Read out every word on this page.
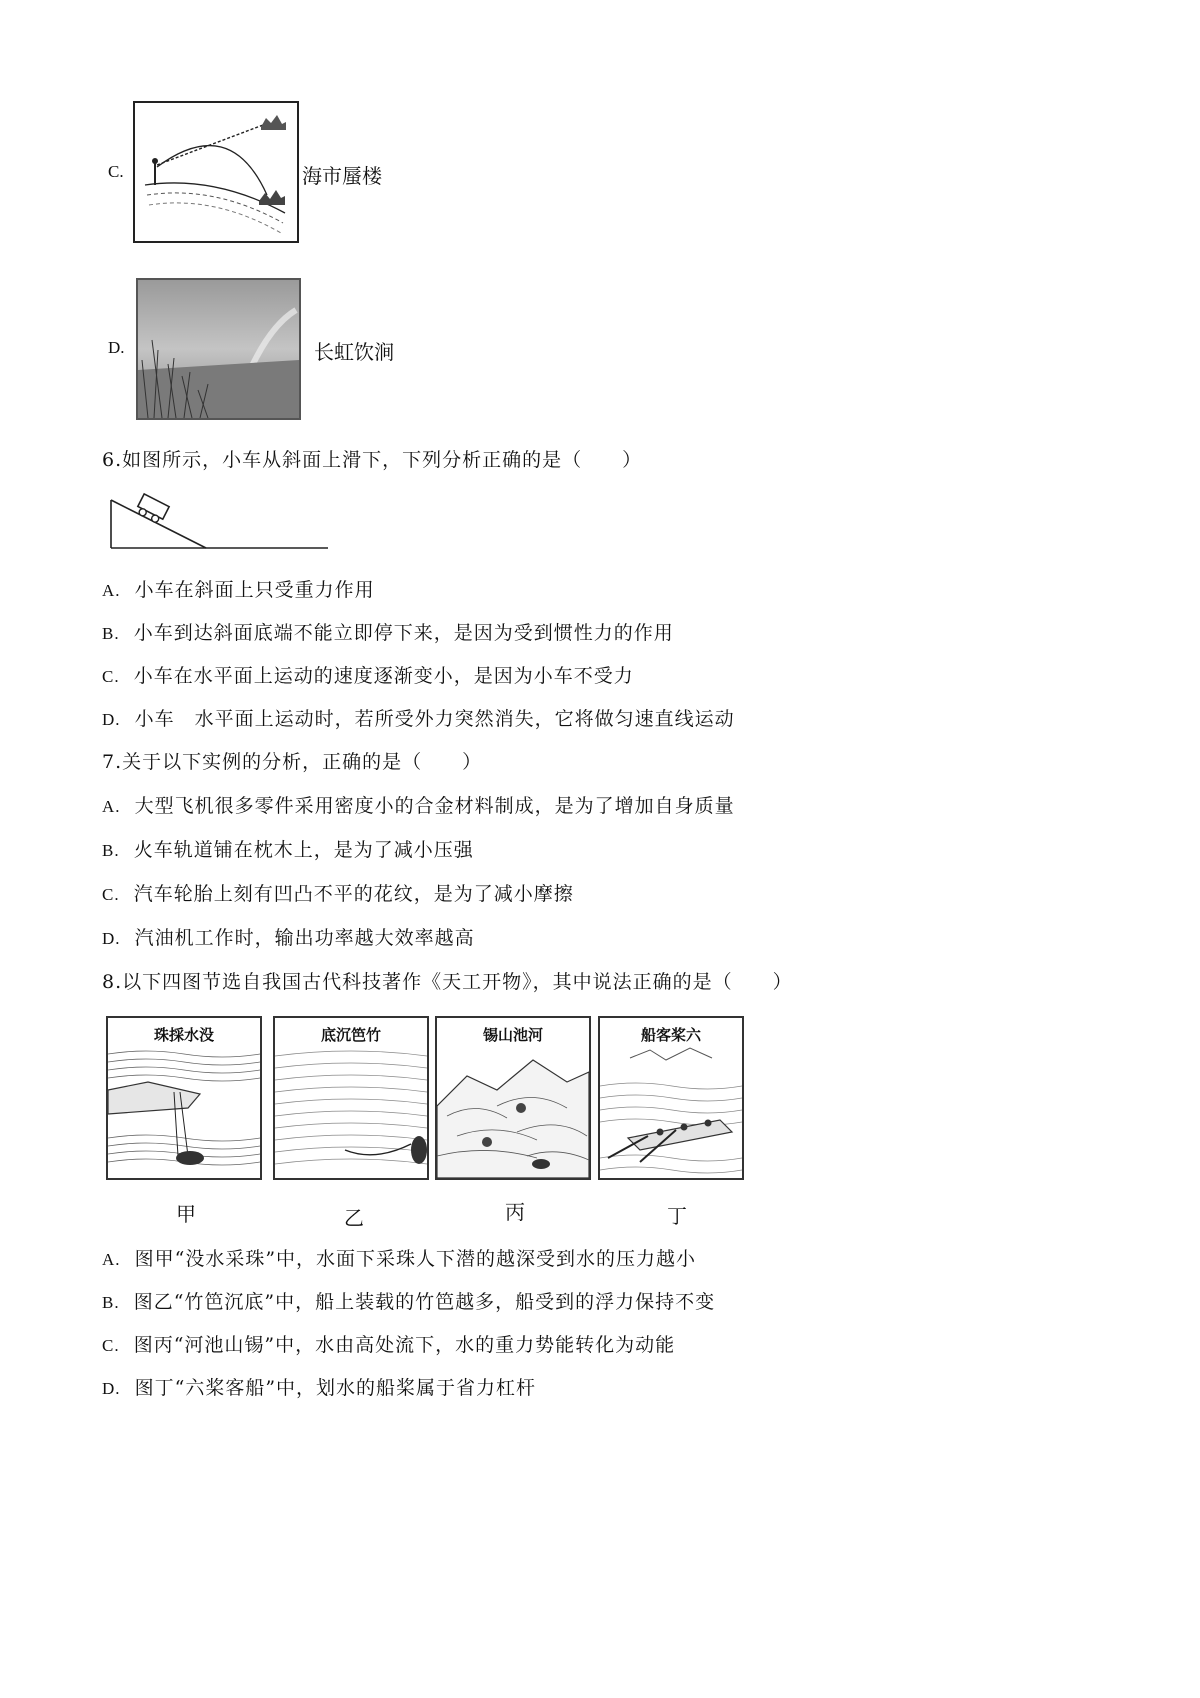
C.	海市蜃楼
D.	长虹饮涧
6.如图所示，小车从斜面上滑下，下列分析正确的是（　　）
A. 小车在斜面上只受重力作用
B. 小车到达斜面底端不能立即停下来，是因为受到惯性力的作用
C. 小车在水平面上运动的速度逐渐变小，是因为小车不受力
D. 小车　水平面上运动时，若所受外力突然消失，它将做匀速直线运动
7.关于以下实例的分析，正确的是（　　）
A. 大型飞机很多零件采用密度小的合金材料制成，是为了增加自身质量
B. 火车轨道铺在枕木上，是为了减小压强
C. 汽车轮胎上刻有凹凸不平的花纹，是为了减小摩擦
D. 汽油机工作时，输出功率越大效率越高
8.以下四图节选自我国古代科技著作《天工开物》，其中说法正确的是（　　）
珠採水没
甲
底沉笆竹
乙
锡山池河
丙
船客桨六
丁
A. 图甲“没水采珠”中，水面下采珠人下潜的越深受到水的压力越小
B. 图乙“竹笆沉底”中，船上装载的竹笆越多，船受到的浮力保持不变
C. 图丙“河池山锡”中，水由高处流下，水的重力势能转化为动能
D. 图丁“六桨客船”中，划水的船桨属于省力杠杆
